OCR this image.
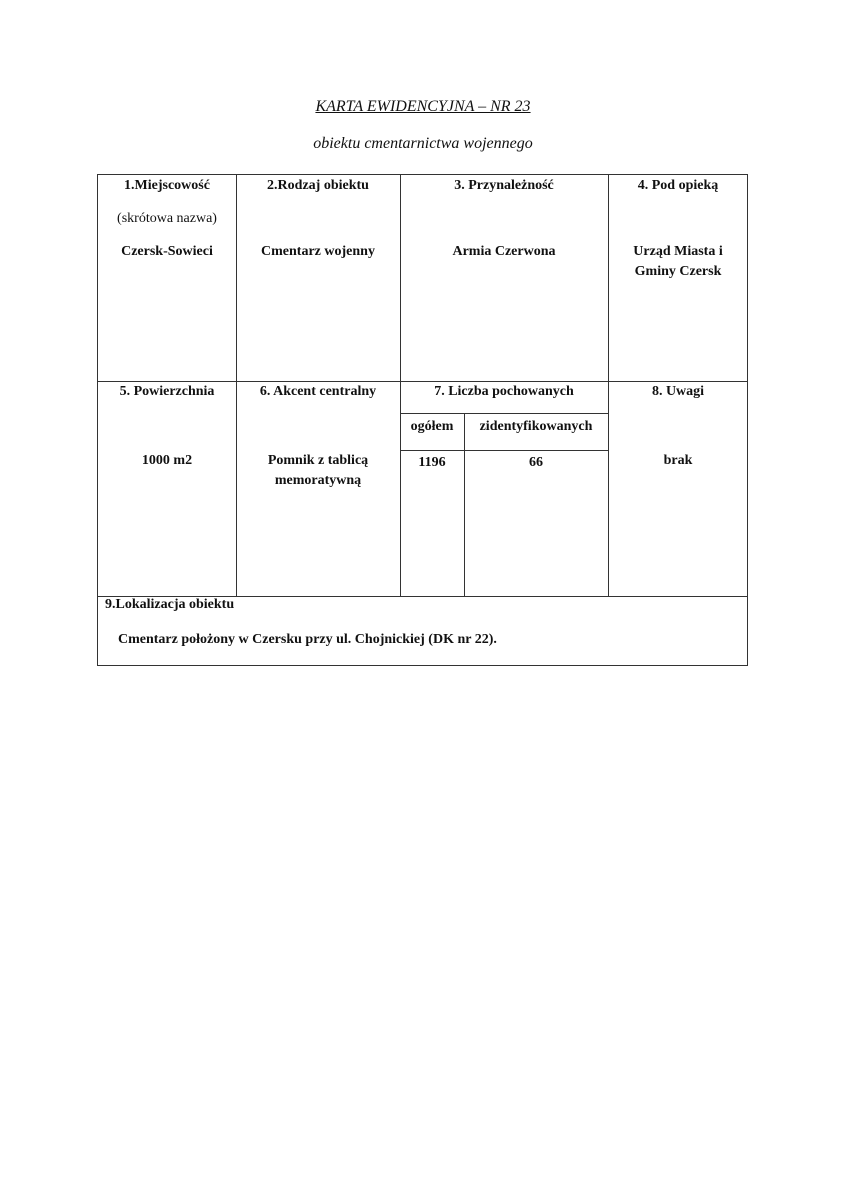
KARTA EWIDENCYJNA – NR 23
obiektu cmentarnictwa wojennego
1.Miejscowość
(skrótowa nazwa)
Czersk-Sowieci
2.Rodzaj obiektu
Cmentarz wojenny
3. Przynależność
Armia Czerwona
4. Pod opieką
Urząd Miasta i
Gminy Czersk
5. Powierzchnia
1000 m2
6. Akcent centralny
Pomnik z tablicą
memoratywną
7. Liczba pochowanych
ogółem	zidentyfikowanych
1196	66
8. Uwagi
brak
9.Lokalizacja obiektu
Cmentarz położony w Czersku przy ul. Chojnickiej (DK nr 22).
